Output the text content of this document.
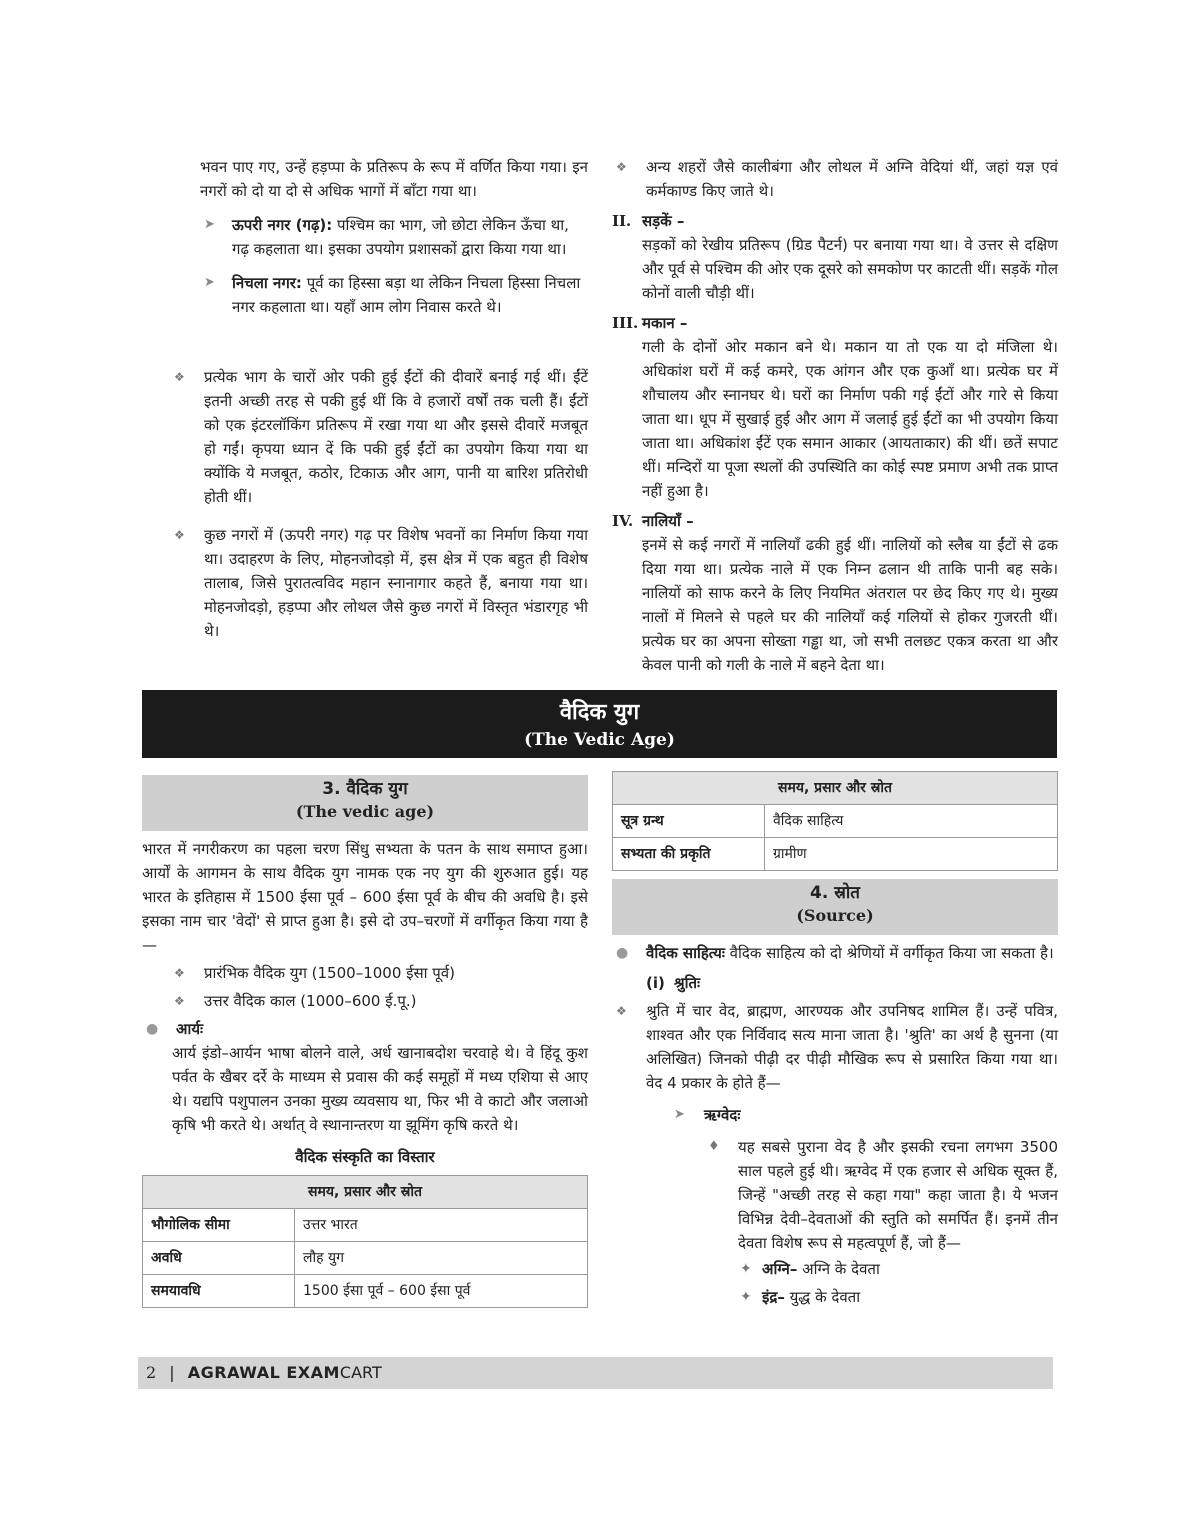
भवन पाए गए, उन्हें हड़प्पा के प्रतिरूप के रूप में वर्णित किया गया। इन नगरों को दो या दो से अधिक भागों में बाँटा गया था।

➤ ऊपरी नगर (गढ़): पश्चिम का भाग, जो छोटा लेकिन ऊँचा था, गढ़ कहलाता था। इसका उपयोग प्रशासकों द्वारा किया गया था।
➤ निचला नगर: पूर्व का हिस्सा बड़ा था लेकिन निचला हिस्सा निचला नगर कहलाता था। यहाँ आम लोग निवास करते थे।
❖ प्रत्येक भाग के चारों ओर पकी हुई ईंटों की दीवारें बनाई गई थीं। ईंटें इतनी अच्छी तरह से पकी हुई थीं कि वे हजारों वर्षों तक चली हैं। ईंटों को एक इंटरलॉकिंग प्रतिरूप में रखा गया था और इससे दीवारें मजबूत हो गईं। कृपया ध्यान दें कि पकी हुई ईंटों का उपयोग किया गया था क्योंकि ये मजबूत, कठोर, टिकाऊ और आग, पानी या बारिश प्रतिरोधी होती थीं।
❖ कुछ नगरों में (ऊपरी नगर) गढ़ पर विशेष भवनों का निर्माण किया गया था। उदाहरण के लिए, मोहनजोदड़ो में, इस क्षेत्र में एक बहुत ही विशेष तालाब, जिसे पुरातत्वविद महान स्नानागार कहते हैं, बनाया गया था। मोहनजोदड़ो, हड़प्पा और लोथल जैसे कुछ नगरों में विस्तृत भंडारगृह भी थे।
❖ अन्य शहरों जैसे कालीबंगा और लोथल में अग्नि वेदियां थीं, जहां यज्ञ एवं कर्मकाण्ड किए जाते थे।
II. सड़कें –

सड़कों को रेखीय प्रतिरूप (ग्रिड पैटर्न) पर बनाया गया था। वे उत्तर से दक्षिण और पूर्व से पश्चिम की ओर एक दूसरे को समकोण पर काटती थीं। सड़कें गोल कोनों वाली चौड़ी थीं।

III. मकान –

गली के दोनों ओर मकान बने थे। मकान या तो एक या दो मंजिला थे। अधिकांश घरों में कई कमरे, एक आंगन और एक कुआँ था। प्रत्येक घर में शौचालय और स्नानघर थे। घरों का निर्माण पकी गई ईंटों और गारे से किया जाता था। धूप में सुखाई हुई और आग में जलाई हुई ईंटों का भी उपयोग किया जाता था। अधिकांश ईंटें एक समान आकार (आयताकार) की थीं। छतें सपाट थीं। मन्दिरों या पूजा स्थलों की उपस्थिति का कोई स्पष्ट प्रमाण अभी तक प्राप्त नहीं हुआ है।

IV. नालियाँ –

इनमें से कई नगरों में नालियाँ ढकी हुई थीं। नालियों को स्लैब या ईंटों से ढक दिया गया था। प्रत्येक नाले में एक निम्न ढलान थी ताकि पानी बह सके। नालियों को साफ करने के लिए नियमित अंतराल पर छेद किए गए थे। मुख्य नालों में मिलने से पहले घर की नालियाँ कई गलियों से होकर गुजरती थीं। प्रत्येक घर का अपना सोख्ता गड्ढा था, जो सभी तलछट एकत्र करता था और केवल पानी को गली के नाले में बहने देता था।

वैदिक युग
(The Vedic Age)
3. वैदिक युग
(The vedic age)

भारत में नगरीकरण का पहला चरण सिंधु सभ्यता के पतन के साथ समाप्त हुआ। आर्यों के आगमन के साथ वैदिक युग नामक एक नए युग की शुरुआत हुई। यह भारत के इतिहास में 1500 ईसा पूर्व – 600 ईसा पूर्व के बीच की अवधि है। इसे इसका नाम चार 'वेदों' से प्राप्त हुआ है। इसे दो उप–चरणों में वर्गीकृत किया गया है—

❖ प्रारंभिक वैदिक युग (1500–1000 ईसा पूर्व)
❖ उत्तर वैदिक काल (1000–600 ई.पू.)
● आर्यः

आर्य इंडो–आर्यन भाषा बोलने वाले, अर्ध खानाबदोश चरवाहे थे। वे हिंदू कुश पर्वत के खैबर दर्रे के माध्यम से प्रवास की कई समूहों में मध्य एशिया से आए थे। यद्यपि पशुपालन उनका मुख्य व्यवसाय था, फिर भी वे काटो और जलाओ कृषि भी करते थे। अर्थात् वे स्थानान्तरण या झूमिंग कृषि करते थे।

वैदिक संस्कृति का विस्तार
समय, प्रसार और स्रोत	
भौगोलिक सीमा	उत्तर भारत
अवधि	लौह युग
समयावधि	1500 ईसा पूर्व – 600 ईसा पूर्व
समय, प्रसार और स्रोत	
सूत्र ग्रन्थ	वैदिक साहित्य
सभ्यता की प्रकृति	ग्रामीण
4. स्रोत
(Source)
● वैदिक साहित्यः वैदिक साहित्य को दो श्रेणियों में वर्गीकृत किया जा सकता है।
(i) श्रुतिः
❖ श्रुति में चार वेद, ब्राह्मण, आरण्यक और उपनिषद शामिल हैं। उन्हें पवित्र, शाश्वत और एक निर्विवाद सत्य माना जाता है। 'श्रुति' का अर्थ है सुनना (या अलिखित) जिनको पीढ़ी दर पीढ़ी मौखिक रूप से प्रसारित किया गया था। वेद 4 प्रकार के होते हैं—
➤ ऋग्वेदः
♦ यह सबसे पुराना वेद है और इसकी रचना लगभग 3500 साल पहले हुई थी। ऋग्वेद में एक हजार से अधिक सूक्त हैं, जिन्हें "अच्छी तरह से कहा गया" कहा जाता है। ये भजन विभिन्न देवी–देवताओं की स्तुति को समर्पित हैं। इनमें तीन देवता विशेष रूप से महत्वपूर्ण हैं, जो हैं—
✦ अग्नि– अग्नि के देवता
✦ इंद्र– युद्ध के देवता
2 | AGRAWAL EXAMCART
